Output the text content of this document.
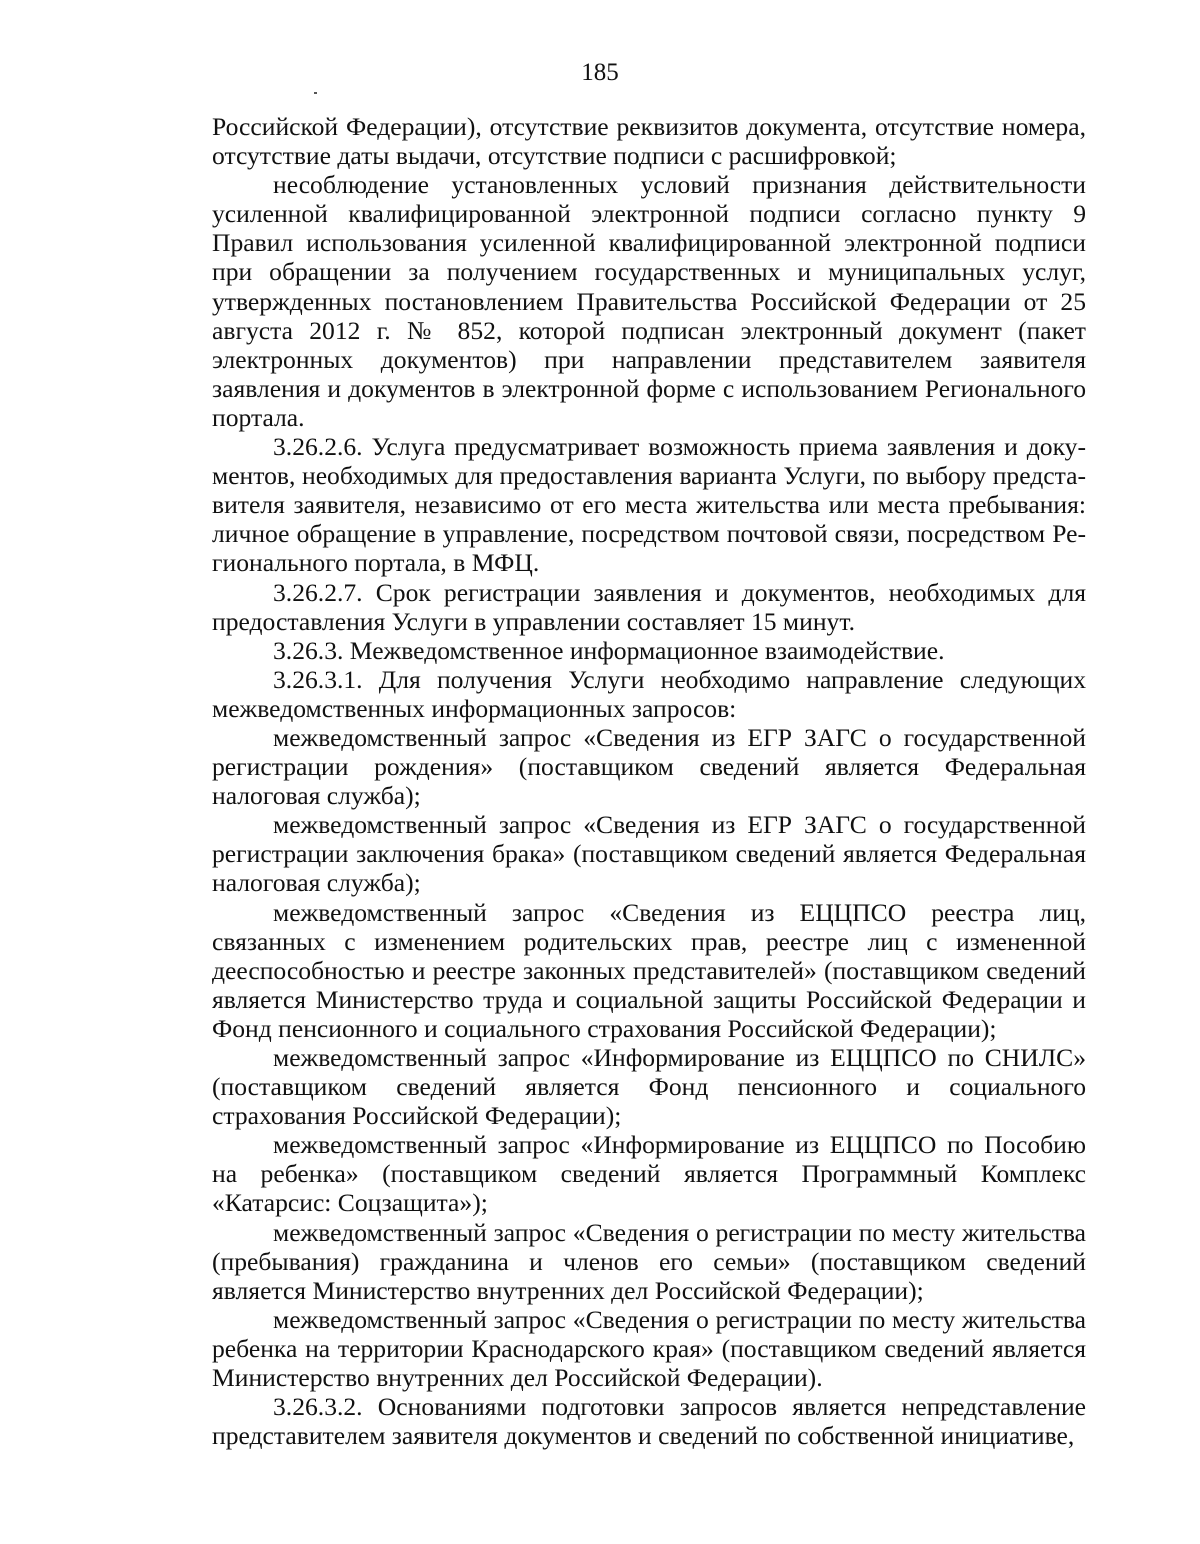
185

Российской Федерации), отсутствие реквизитов документа, отсутствие номера, отсутствие даты выдачи, отсутствие подписи с расшифровкой;

несоблюдение установленных условий признания действительности усиленной квалифицированной электронной подписи согласно пункту 9 Правил использования усиленной квалифицированной электронной подписи при обращении за получением государственных и муниципальных услуг, утвержденных постановлением Правительства Российской Федерации от 25 августа 2012 г. № 852, которой подписан электронный документ (пакет электронных документов) при направлении представителем заявителя заявления и документов в электронной форме с использованием Регионального портала.

3.26.2.6. Услуга предусматривает возможность приема заявления и документов, необходимых для предоставления варианта Услуги, по выбору представителя заявителя, независимо от его места жительства или места пребывания: личное обращение в управление, посредством почтовой связи, посредством Регионального портала, в МФЦ.

3.26.2.7. Срок регистрации заявления и документов, необходимых для предоставления Услуги в управлении составляет 15 минут.

3.26.3. Межведомственное информационное взаимодействие.

3.26.3.1. Для получения Услуги необходимо направление следующих межведомственных информационных запросов:

межведомственный запрос «Сведения из ЕГР ЗАГС о государственной регистрации рождения» (поставщиком сведений является Федеральная налоговая служба);

межведомственный запрос «Сведения из ЕГР ЗАГС о государственной регистрации заключения брака» (поставщиком сведений является Федеральная налоговая служба);

межведомственный запрос «Сведения из ЕЦЦПСО реестра лиц, связанных с изменением родительских прав, реестре лиц с измененной дееспособностью и реестре законных представителей» (поставщиком сведений является Министерство труда и социальной защиты Российской Федерации и Фонд пенсионного и социального страхования Российской Федерации);

межведомственный запрос «Информирование из ЕЦЦПСО по СНИЛС» (поставщиком сведений является Фонд пенсионного и социального страхования Российской Федерации);

межведомственный запрос «Информирование из ЕЦЦПСО по Пособию на ребенка» (поставщиком сведений является Программный Комплекс «Катарсис: Соцзащита»);

межведомственный запрос «Сведения о регистрации по месту жительства (пребывания) гражданина и членов его семьи» (поставщиком сведений является Министерство внутренних дел Российской Федерации);

межведомственный запрос «Сведения о регистрации по месту жительства ребенка на территории Краснодарского края» (поставщиком сведений является Министерство внутренних дел Российской Федерации).

3.26.3.2. Основаниями подготовки запросов является непредставление представителем заявителя документов и сведений по собственной инициативе,
